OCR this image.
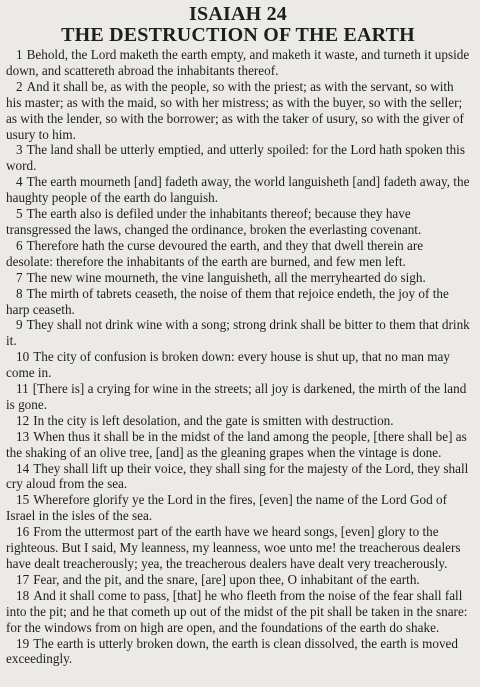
ISAIAH 24
THE DESTRUCTION OF THE EARTH

1 Behold, the Lord maketh the earth empty, and maketh it waste, and turneth it upside down, and scattereth abroad the inhabitants thereof.

2 And it shall be, as with the people, so with the priest; as with the servant, so with his master; as with the maid, so with her mistress; as with the buyer, so with the seller; as with the lender, so with the borrower; as with the taker of usury, so with the giver of usury to him.

3 The land shall be utterly emptied, and utterly spoiled: for the Lord hath spoken this word.

4 The earth mourneth [and] fadeth away, the world languisheth [and] fadeth away, the haughty people of the earth do languish.

5 The earth also is defiled under the inhabitants thereof; because they have transgressed the laws, changed the ordinance, broken the everlasting covenant.

6 Therefore hath the curse devoured the earth, and they that dwell therein are desolate: therefore the inhabitants of the earth are burned, and few men left.

7 The new wine mourneth, the vine languisheth, all the merryhearted do sigh.

8 The mirth of tabrets ceaseth, the noise of them that rejoice endeth, the joy of the harp ceaseth.

9 They shall not drink wine with a song; strong drink shall be bitter to them that drink it.

10 The city of confusion is broken down: every house is shut up, that no man may come in.

11 [There is] a crying for wine in the streets; all joy is darkened, the mirth of the land is gone.

12 In the city is left desolation, and the gate is smitten with destruction.

13 When thus it shall be in the midst of the land among the people, [there shall be] as the shaking of an olive tree, [and] as the gleaning grapes when the vintage is done.

14 They shall lift up their voice, they shall sing for the majesty of the Lord, they shall cry aloud from the sea.

15 Wherefore glorify ye the Lord in the fires, [even] the name of the Lord God of Israel in the isles of the sea.

16 From the uttermost part of the earth have we heard songs, [even] glory to the righteous. But I said, My leanness, my leanness, woe unto me! the treacherous dealers have dealt treacherously; yea, the treacherous dealers have dealt very treacherously.

17 Fear, and the pit, and the snare, [are] upon thee, O inhabitant of the earth.

18 And it shall come to pass, [that] he who fleeth from the noise of the fear shall fall into the pit; and he that cometh up out of the midst of the pit shall be taken in the snare: for the windows from on high are open, and the foundations of the earth do shake.

19 The earth is utterly broken down, the earth is clean dissolved, the earth is moved exceedingly.
